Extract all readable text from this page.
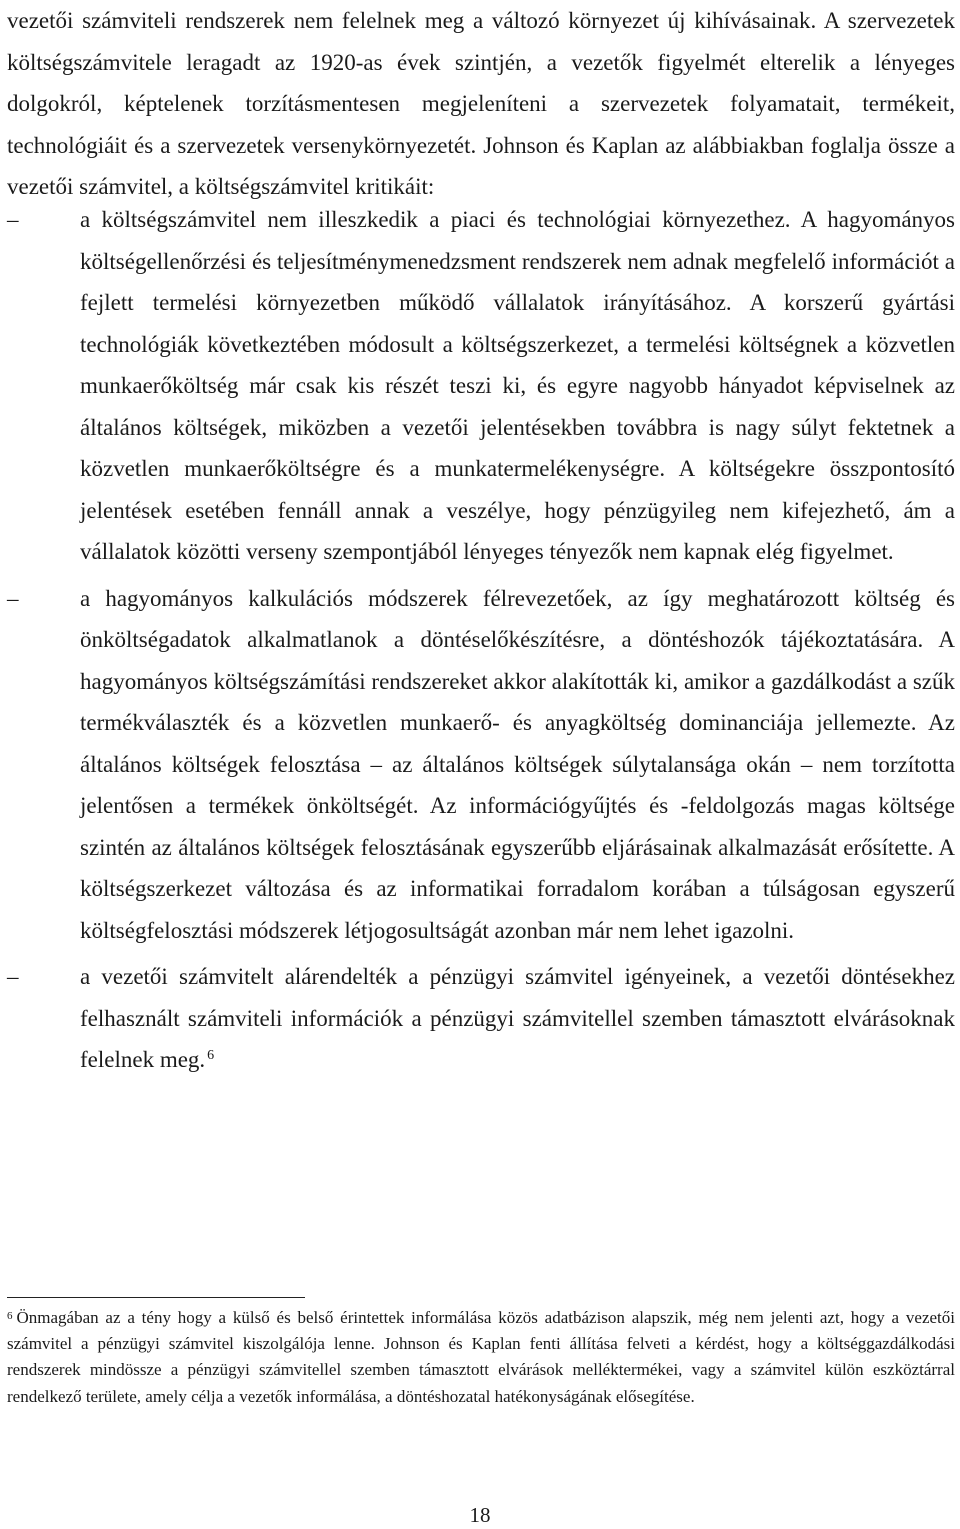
vezetői számviteli rendszerek nem felelnek meg a változó környezet új kihívásainak. A szervezetek költségszámvitele leragadt az 1920-as évek szintjén, a vezetők figyelmét elterelik a lényeges dolgokról, képtelenek torzításmentesen megjeleníteni a szervezetek folyamatait, termékeit, technológiáit és a szervezetek versenykörnyezetét. Johnson és Kaplan az alábbiakban foglalja össze a vezetői számvitel, a költségszámvitel kritikáit:

–	a költségszámvitel nem illeszkedik a piaci és technológiai környezethez. A hagyományos költségellenőrzési és teljesítménymenedzsment rendszerek nem adnak megfelelő információt a fejlett termelési környezetben működő vállalatok irányításához. A korszerű gyártási technológiák következtében módosult a költségszerkezet, a termelési költségnek a közvetlen munkaerőköltség már csak kis részét teszi ki, és egyre nagyobb hányadot képviselnek az általános költségek, miközben a vezetői jelentésekben továbbra is nagy súlyt fektetnek a közvetlen munkaerőköltségre és a munkatermelékenységre. A költségekre összpontosító jelentések esetében fennáll annak a veszélye, hogy pénzügyileg nem kifejezhető, ám a vállalatok közötti verseny szempontjából lényeges tényezők nem kapnak elég figyelmet.
–	a hagyományos kalkulációs módszerek félrevezetőek, az így meghatározott költség és önköltségadatok alkalmatlanok a döntéselőkészítésre, a döntéshozók tájékoztatására. A hagyományos költségszámítási rendszereket akkor alakították ki, amikor a gazdálkodást a szűk termékválaszték és a közvetlen munkaerő- és anyagköltség dominanciája jellemezte. Az általános költségek felosztása – az általános költségek súlytalansága okán – nem torzította jelentősen a termékek önköltségét. Az információgyűjtés és -feldolgozás magas költsége szintén az általános költségek felosztásának egyszerűbb eljárásainak alkalmazását erősítette. A költségszerkezet változása és az informatikai forradalom korában a túlságosan egyszerű költségfelosztási módszerek létjogosultságát azonban már nem lehet igazolni.
–	a vezetői számvitelt alárendelték a pénzügyi számvitel igényeinek, a vezetői döntésekhez felhasznált számviteli információk a pénzügyi számvitellel szemben támasztott elvárásoknak felelnek meg. $^6$
$^6$ Önmagában az a tény hogy a külső és belső érintettek informálása közös adatbázison alapszik, még nem jelenti azt, hogy a vezetői számvitel a pénzügyi számvitel kiszolgálója lenne. Johnson és Kaplan fenti állítása felveti a kérdést, hogy a költséggazdálkodási rendszerek mindössze a pénzügyi számvitellel szemben támasztott elvárások melléktermékei, vagy a számvitel külön eszköztárral rendelkező területe, amely célja a vezetők informálása, a döntéshozatal hatékonyságának elősegítése.
18
